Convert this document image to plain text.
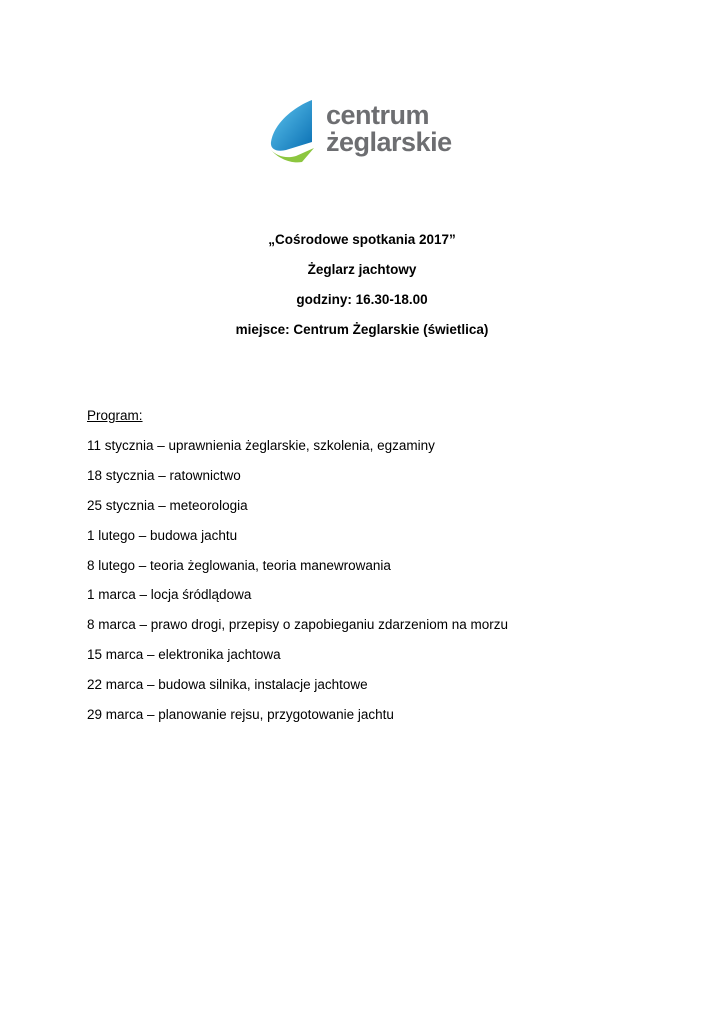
centrum
żeglarskie
„Cośrodowe spotkania 2017”
Żeglarz jachtowy
godziny: 16.30-18.00
miejsce: Centrum Żeglarskie (świetlica)
Program:
11 stycznia – uprawnienia żeglarskie, szkolenia, egzaminy
18 stycznia – ratownictwo
25 stycznia – meteorologia
1 lutego – budowa jachtu
8 lutego – teoria żeglowania, teoria manewrowania
1 marca – locja śródlądowa
8 marca – prawo drogi, przepisy o zapobieganiu zdarzeniom na morzu
15 marca – elektronika jachtowa
22 marca – budowa silnika, instalacje jachtowe
29 marca – planowanie rejsu, przygotowanie jachtu
